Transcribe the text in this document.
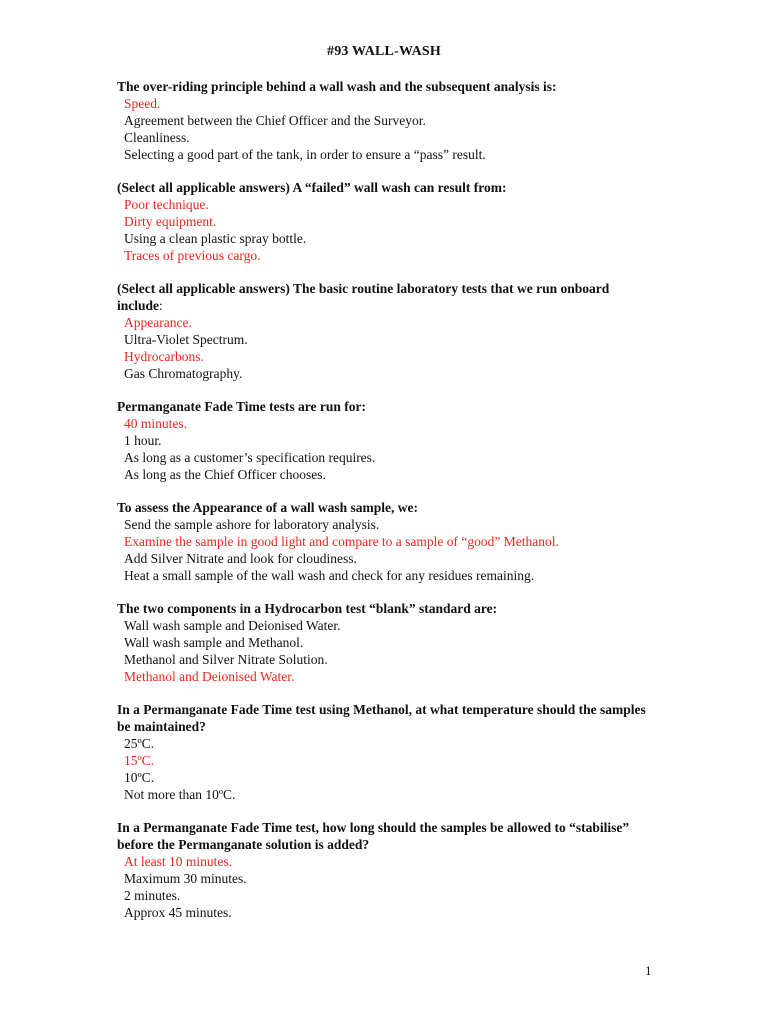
#93 WALL-WASH
The over-riding principle behind a wall wash and the subsequent analysis is:
Speed.
Agreement between the Chief Officer and the Surveyor.
Cleanliness.
Selecting a good part of the tank, in order to ensure a “pass” result.
(Select all applicable answers) A “failed” wall wash can result from:
Poor technique.
Dirty equipment.
Using a clean plastic spray bottle.
Traces of previous cargo.
(Select all applicable answers) The basic routine laboratory tests that we run onboard include:
Appearance.
Ultra-Violet Spectrum.
Hydrocarbons.
Gas Chromatography.
Permanganate Fade Time tests are run for:
40 minutes.
1 hour.
As long as a customer’s specification requires.
As long as the Chief Officer chooses.
To assess the Appearance of a wall wash sample, we:
Send the sample ashore for laboratory analysis.
Examine the sample in good light and compare to a sample of “good” Methanol.
Add Silver Nitrate and look for cloudiness.
Heat a small sample of the wall wash and check for any residues remaining.
The two components in a Hydrocarbon test “blank” standard are:
Wall wash sample and Deionised Water.
Wall wash sample and Methanol.
Methanol and Silver Nitrate Solution.
Methanol and Deionised Water.
In a Permanganate Fade Time test using Methanol, at what temperature should the samples be maintained?
25ºC.
15ºC.
10ºC.
Not more than 10ºC.
In a Permanganate Fade Time test, how long should the samples be allowed to “stabilise” before the Permanganate solution is added?
At least 10 minutes.
Maximum 30 minutes.
2 minutes.
Approx 45 minutes.
1
